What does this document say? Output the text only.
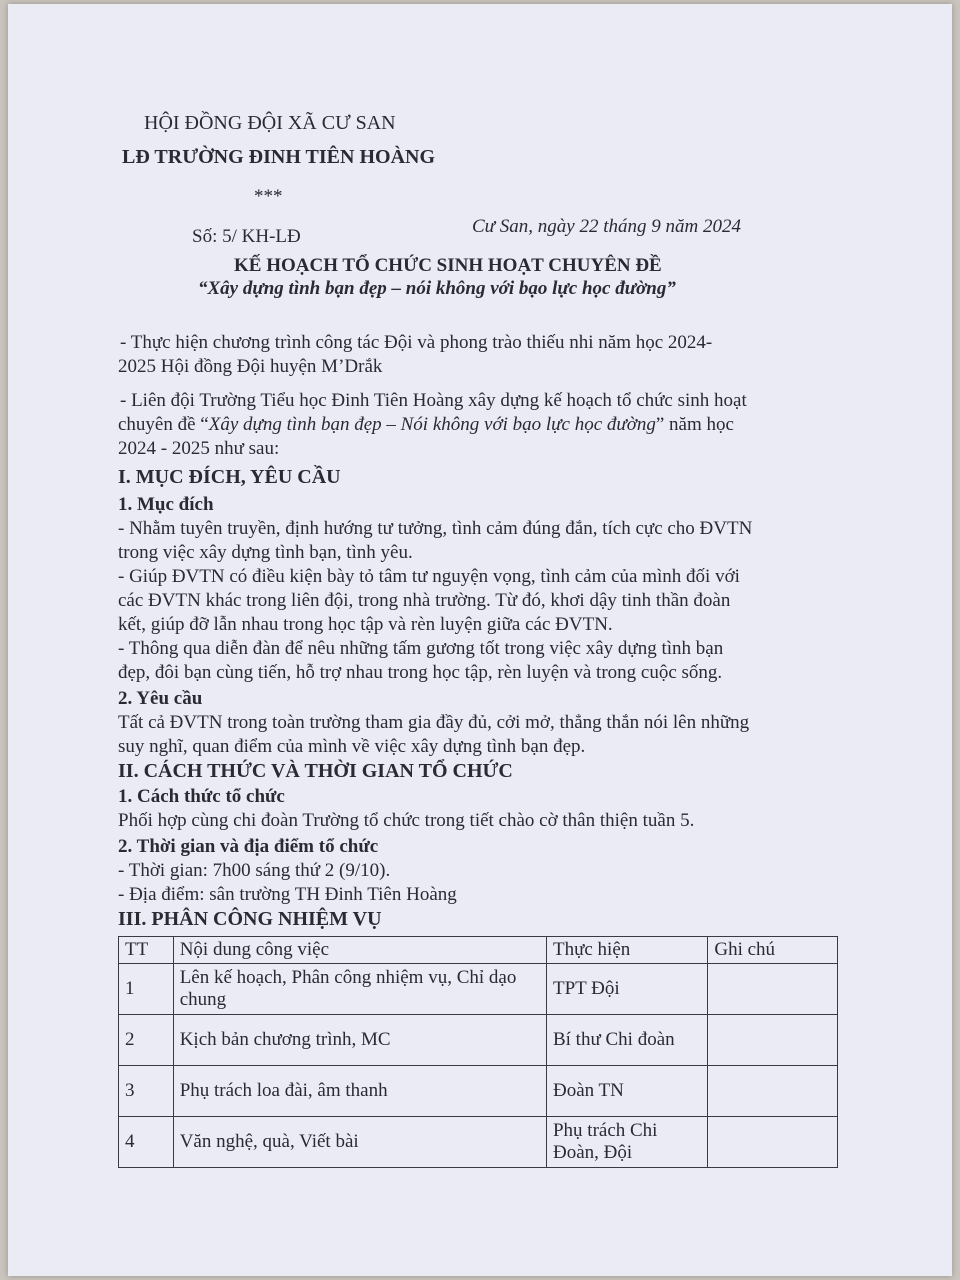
HỘI ĐỒNG ĐỘI XÃ CƯ SAN
LĐ TRƯỜNG ĐINH TIÊN HOÀNG
***
Số: 5/ KH-LĐ	Cư San, ngày 22 tháng 9 năm 2024
KẾ HOẠCH TỔ CHỨC SINH HOẠT CHUYÊN ĐỀ
“Xây dựng tình bạn đẹp – nói không với bạo lực học đường”
- Thực hiện chương trình công tác Đội và phong trào thiếu nhi năm học 2024-
2025 Hội đồng Đội huyện M’Drắk
- Liên đội Trường Tiểu học Đinh Tiên Hoàng xây dựng kế hoạch tổ chức sinh hoạt
chuyên đề “Xây dựng tình bạn đẹp – Nói không với bạo lực học đường” năm học
2024 - 2025 như sau:
I. MỤC ĐÍCH, YÊU CẦU
1. Mục đích
- Nhằm tuyên truyền, định hướng tư tưởng, tình cảm đúng đắn, tích cực cho ĐVTN
trong việc xây dựng tình bạn, tình yêu.
- Giúp ĐVTN có điều kiện bày tỏ tâm tư nguyện vọng, tình cảm của mình đối với
các ĐVTN khác trong liên đội, trong nhà trường. Từ đó, khơi dậy tinh thần đoàn
kết, giúp đỡ lẫn nhau trong học tập và rèn luyện giữa các ĐVTN.
- Thông qua diễn đàn để nêu những tấm gương tốt trong việc xây dựng tình bạn
đẹp, đôi bạn cùng tiến, hỗ trợ nhau trong học tập, rèn luyện và trong cuộc sống.
2. Yêu cầu
Tất cả ĐVTN trong toàn trường tham gia đầy đủ, cởi mở, thẳng thắn nói lên những
suy nghĩ, quan điểm của mình về việc xây dựng tình bạn đẹp.
II. CÁCH THỨC VÀ THỜI GIAN TỔ CHỨC
1. Cách thức tổ chức
Phối hợp cùng chi đoàn Trường tổ chức trong tiết chào cờ thân thiện tuần 5.
2. Thời gian và địa điểm tổ chức
- Thời gian: 7h00 sáng thứ 2 (9/10).
- Địa điểm: sân trường TH Đinh Tiên Hoàng
III. PHÂN CÔNG NHIỆM VỤ
TT	Nội dung công việc	Thực hiện	Ghi chú
1	Lên kế hoạch, Phân công nhiệm vụ, Chỉ dạo chung	TPT Đội	
2	Kịch bản chương trình, MC	Bí thư Chi đoàn	
3	Phụ trách loa đài, âm thanh	Đoàn TN	
4	Văn nghệ, quà, Viết bài	Phụ trách Chi Đoàn, Đội	
